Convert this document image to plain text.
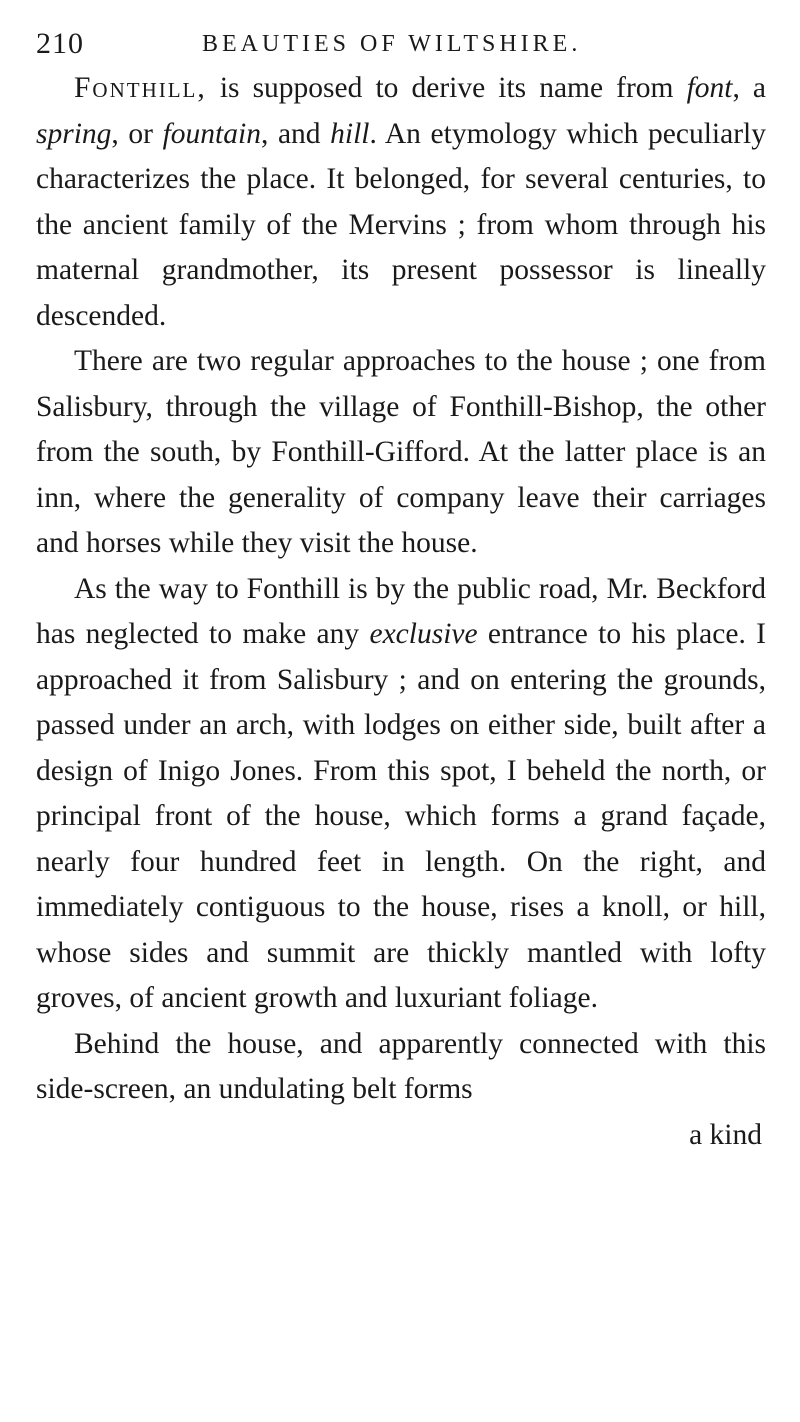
210	BEAUTIES OF WILTSHIRE.

Fonthill, is supposed to derive its name from font, a spring, or fountain, and hill. An etymology which peculiarly characterizes the place. It belonged, for several centuries, to the ancient family of the Mervins ; from whom through his maternal grandmother, its present possessor is lineally descended.

There are two regular approaches to the house ; one from Salisbury, through the village of Fonthill-Bishop, the other from the south, by Fonthill-Gifford. At the latter place is an inn, where the generality of company leave their carriages and horses while they visit the house.

As the way to Fonthill is by the public road, Mr. Beckford has neglected to make any exclusive entrance to his place. I approached it from Salisbury ; and on entering the grounds, passed under an arch, with lodges on either side, built after a design of Inigo Jones. From this spot, I beheld the north, or principal front of the house, which forms a grand façade, nearly four hundred feet in length. On the right, and immediately contiguous to the house, rises a knoll, or hill, whose sides and summit are thickly mantled with lofty groves, of ancient growth and luxuriant foliage.

Behind the house, and apparently connected with this side-screen, an undulating belt forms

a kind
